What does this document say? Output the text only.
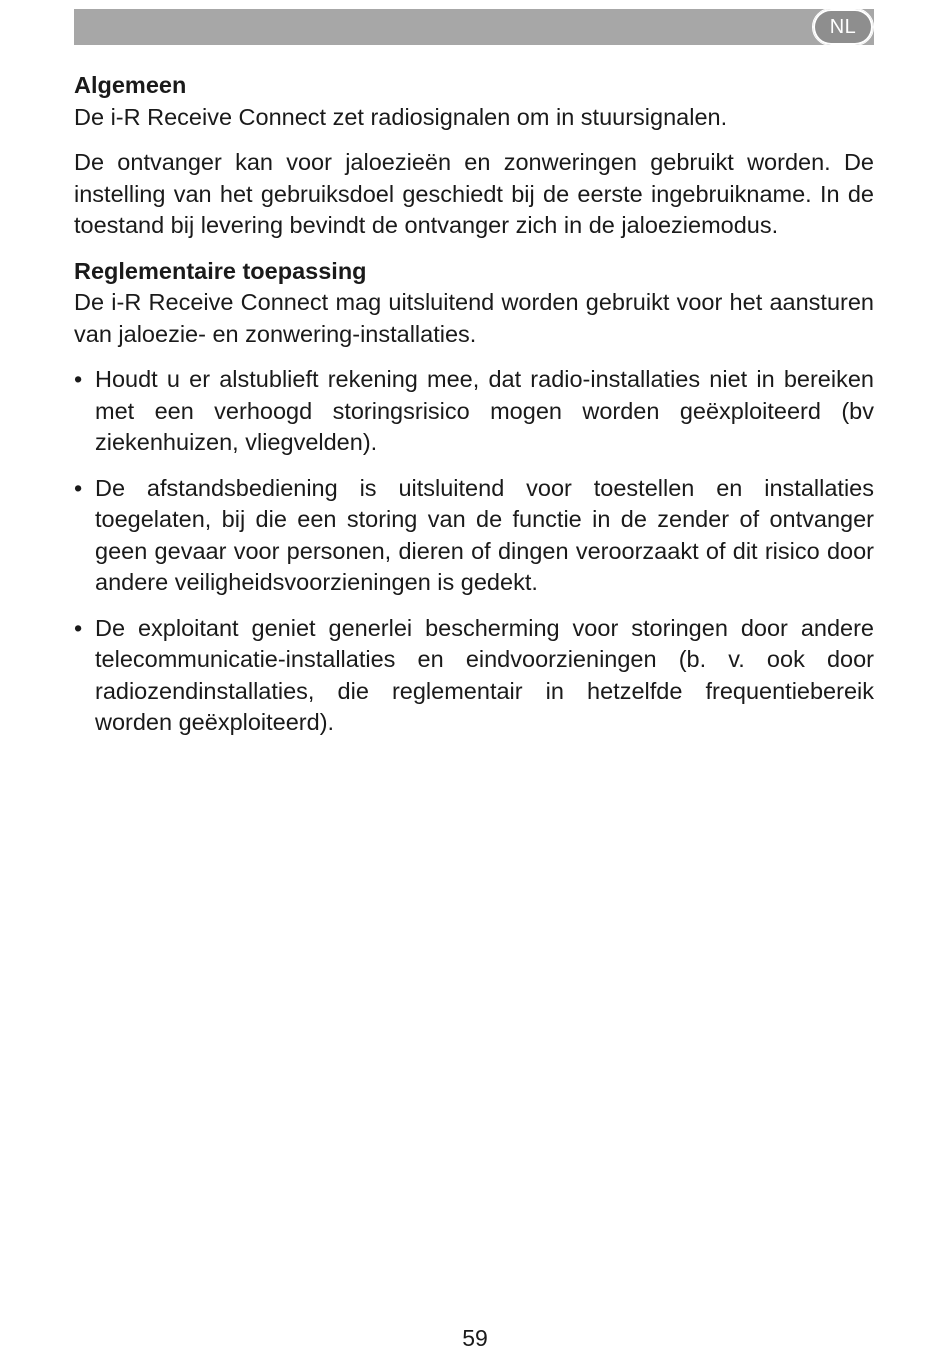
NL

Algemeen

De i-R Receive Connect zet radiosignalen om in stuursignalen.

De ontvanger kan voor jaloezieën en zonweringen gebruikt worden. De instelling van het gebruiksdoel geschiedt bij de eerste ingebruikname. In de toestand bij levering bevindt de ontvanger zich in de jaloeziemodus.

Reglementaire toepassing

De i-R Receive Connect mag uitsluitend worden gebruikt voor het aansturen van jaloezie- en zonwering-installaties.

• Houdt u er alstublieft rekening mee, dat radio-installaties niet in bereiken met een verhoogd storingsrisico mogen worden geëxploiteerd (bv ziekenhuizen, vliegvelden).
• De afstandsbediening is uitsluitend voor toestellen en installaties toegelaten, bij die een storing van de functie in de zender of ontvanger geen gevaar voor personen, dieren of dingen veroorzaakt of dit risico door andere veiligheidsvoorzieningen is gedekt.
• De exploitant geniet generlei bescherming voor storingen door andere telecommunicatie-installaties en eindvoorzieningen (b. v. ook door radiozendinstallaties, die reglementair in hetzelfde frequentiebereik worden geëxploiteerd).
59
